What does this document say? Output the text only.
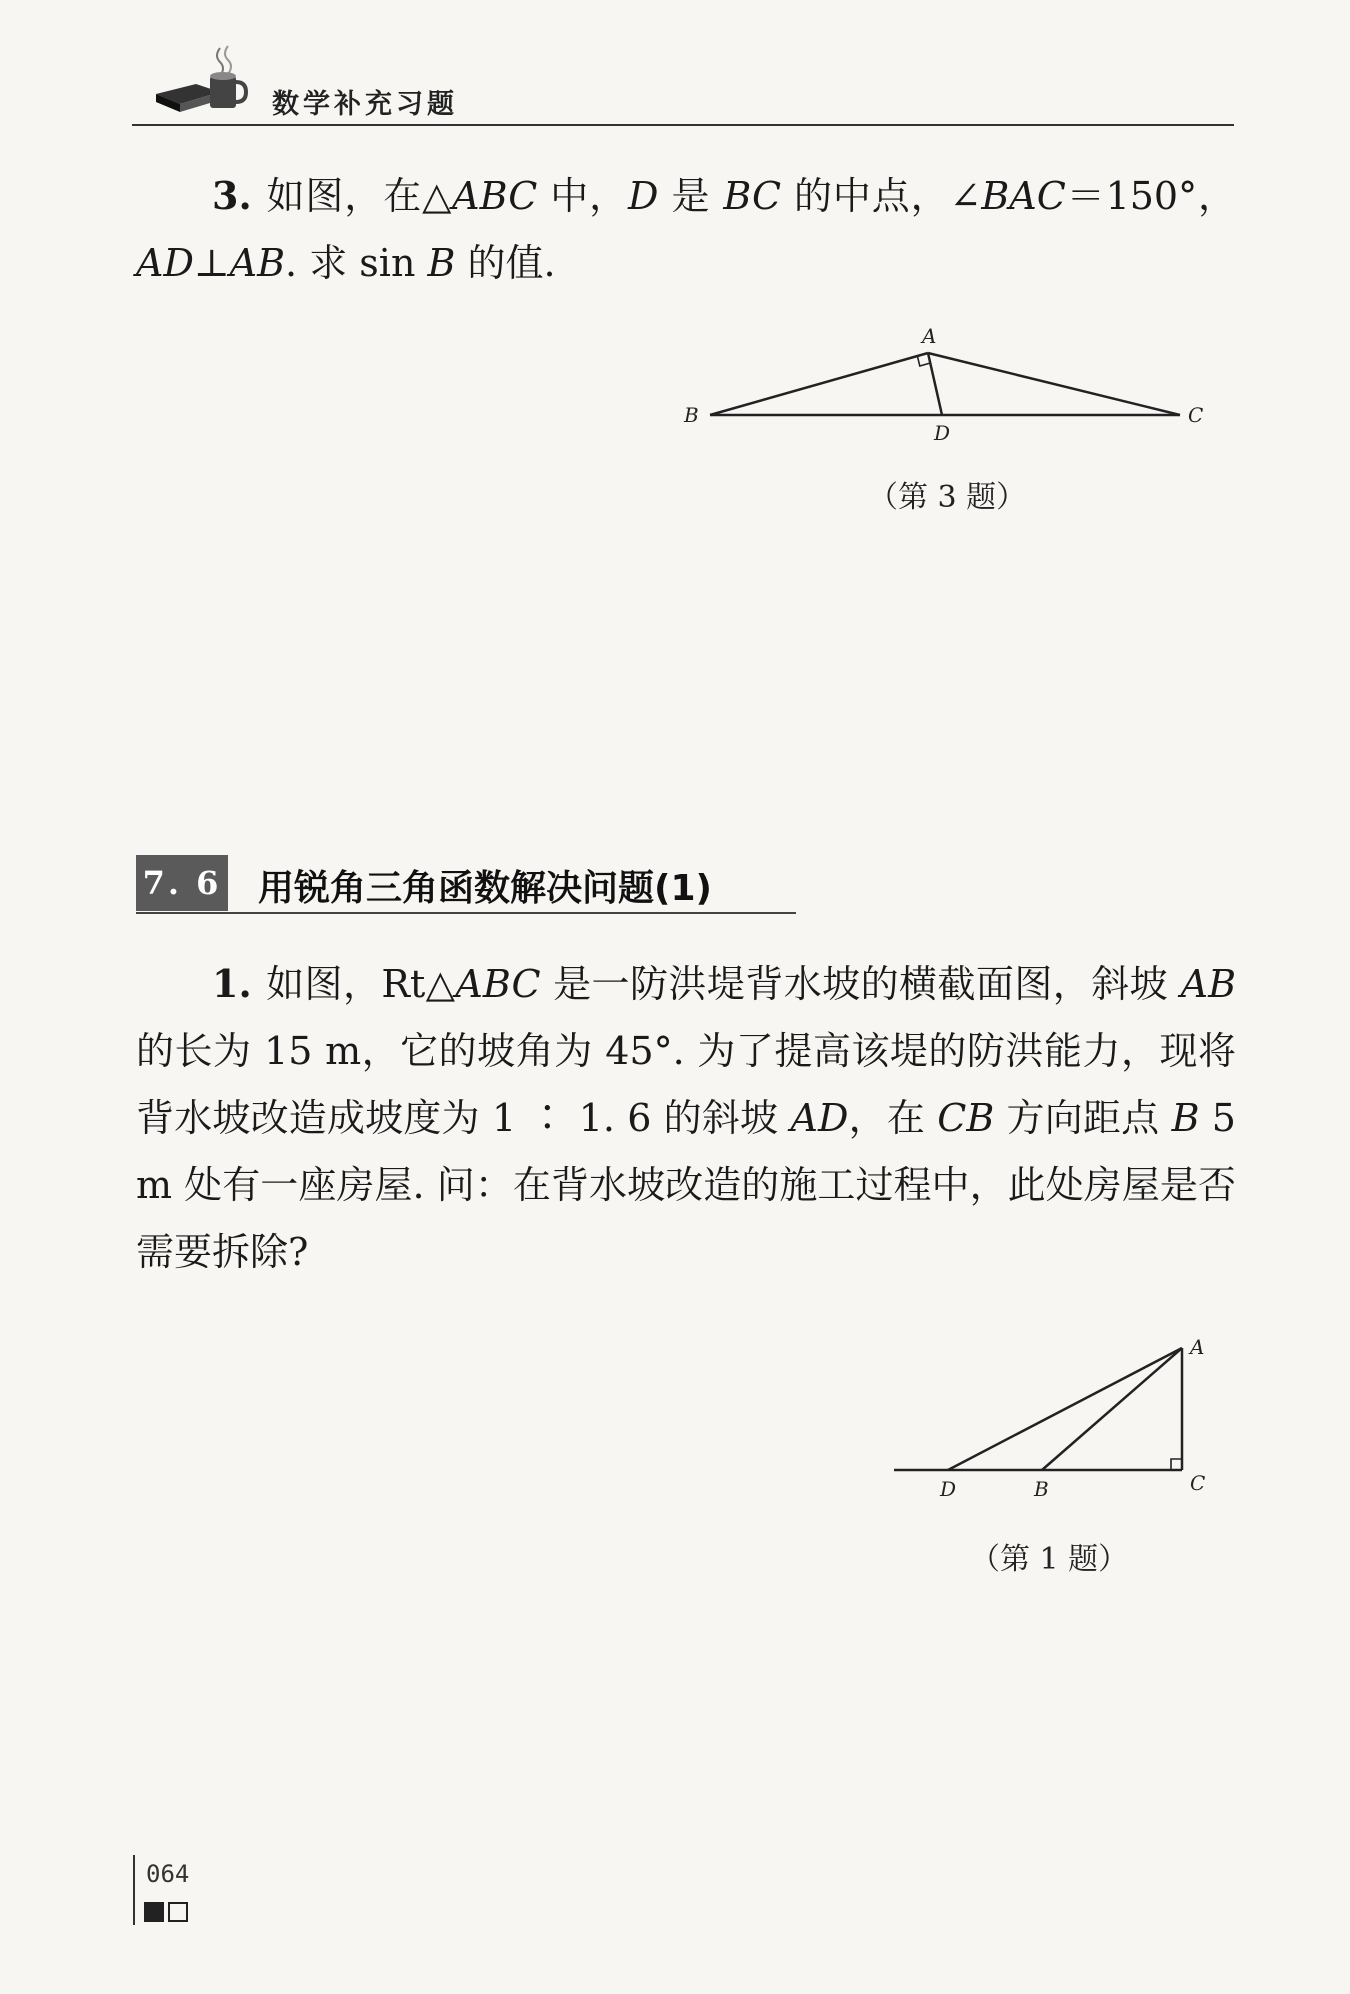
数学补充习题
3. 如图，在△ABC 中，D 是 BC 的中点，∠BAC＝150°，AD⊥AB. 求 sin B 的值.
A
B	C
D
（第 3 题）
7. 6 用锐角三角函数解决问题(1)
1. 如图，Rt△ABC 是一防洪堤背水坡的横截面图，斜坡 AB 的长为 15 m，它的坡角为 45°. 为了提高该堤的防洪能力，现将背水坡改造成坡度为 1 ∶ 1. 6 的斜坡 AD，在 CB 方向距点 B 5 m 处有一座房屋. 问：在背水坡改造的施工过程中，此处房屋是否需要拆除?
A
B	C
D
（第 1 题）
064
